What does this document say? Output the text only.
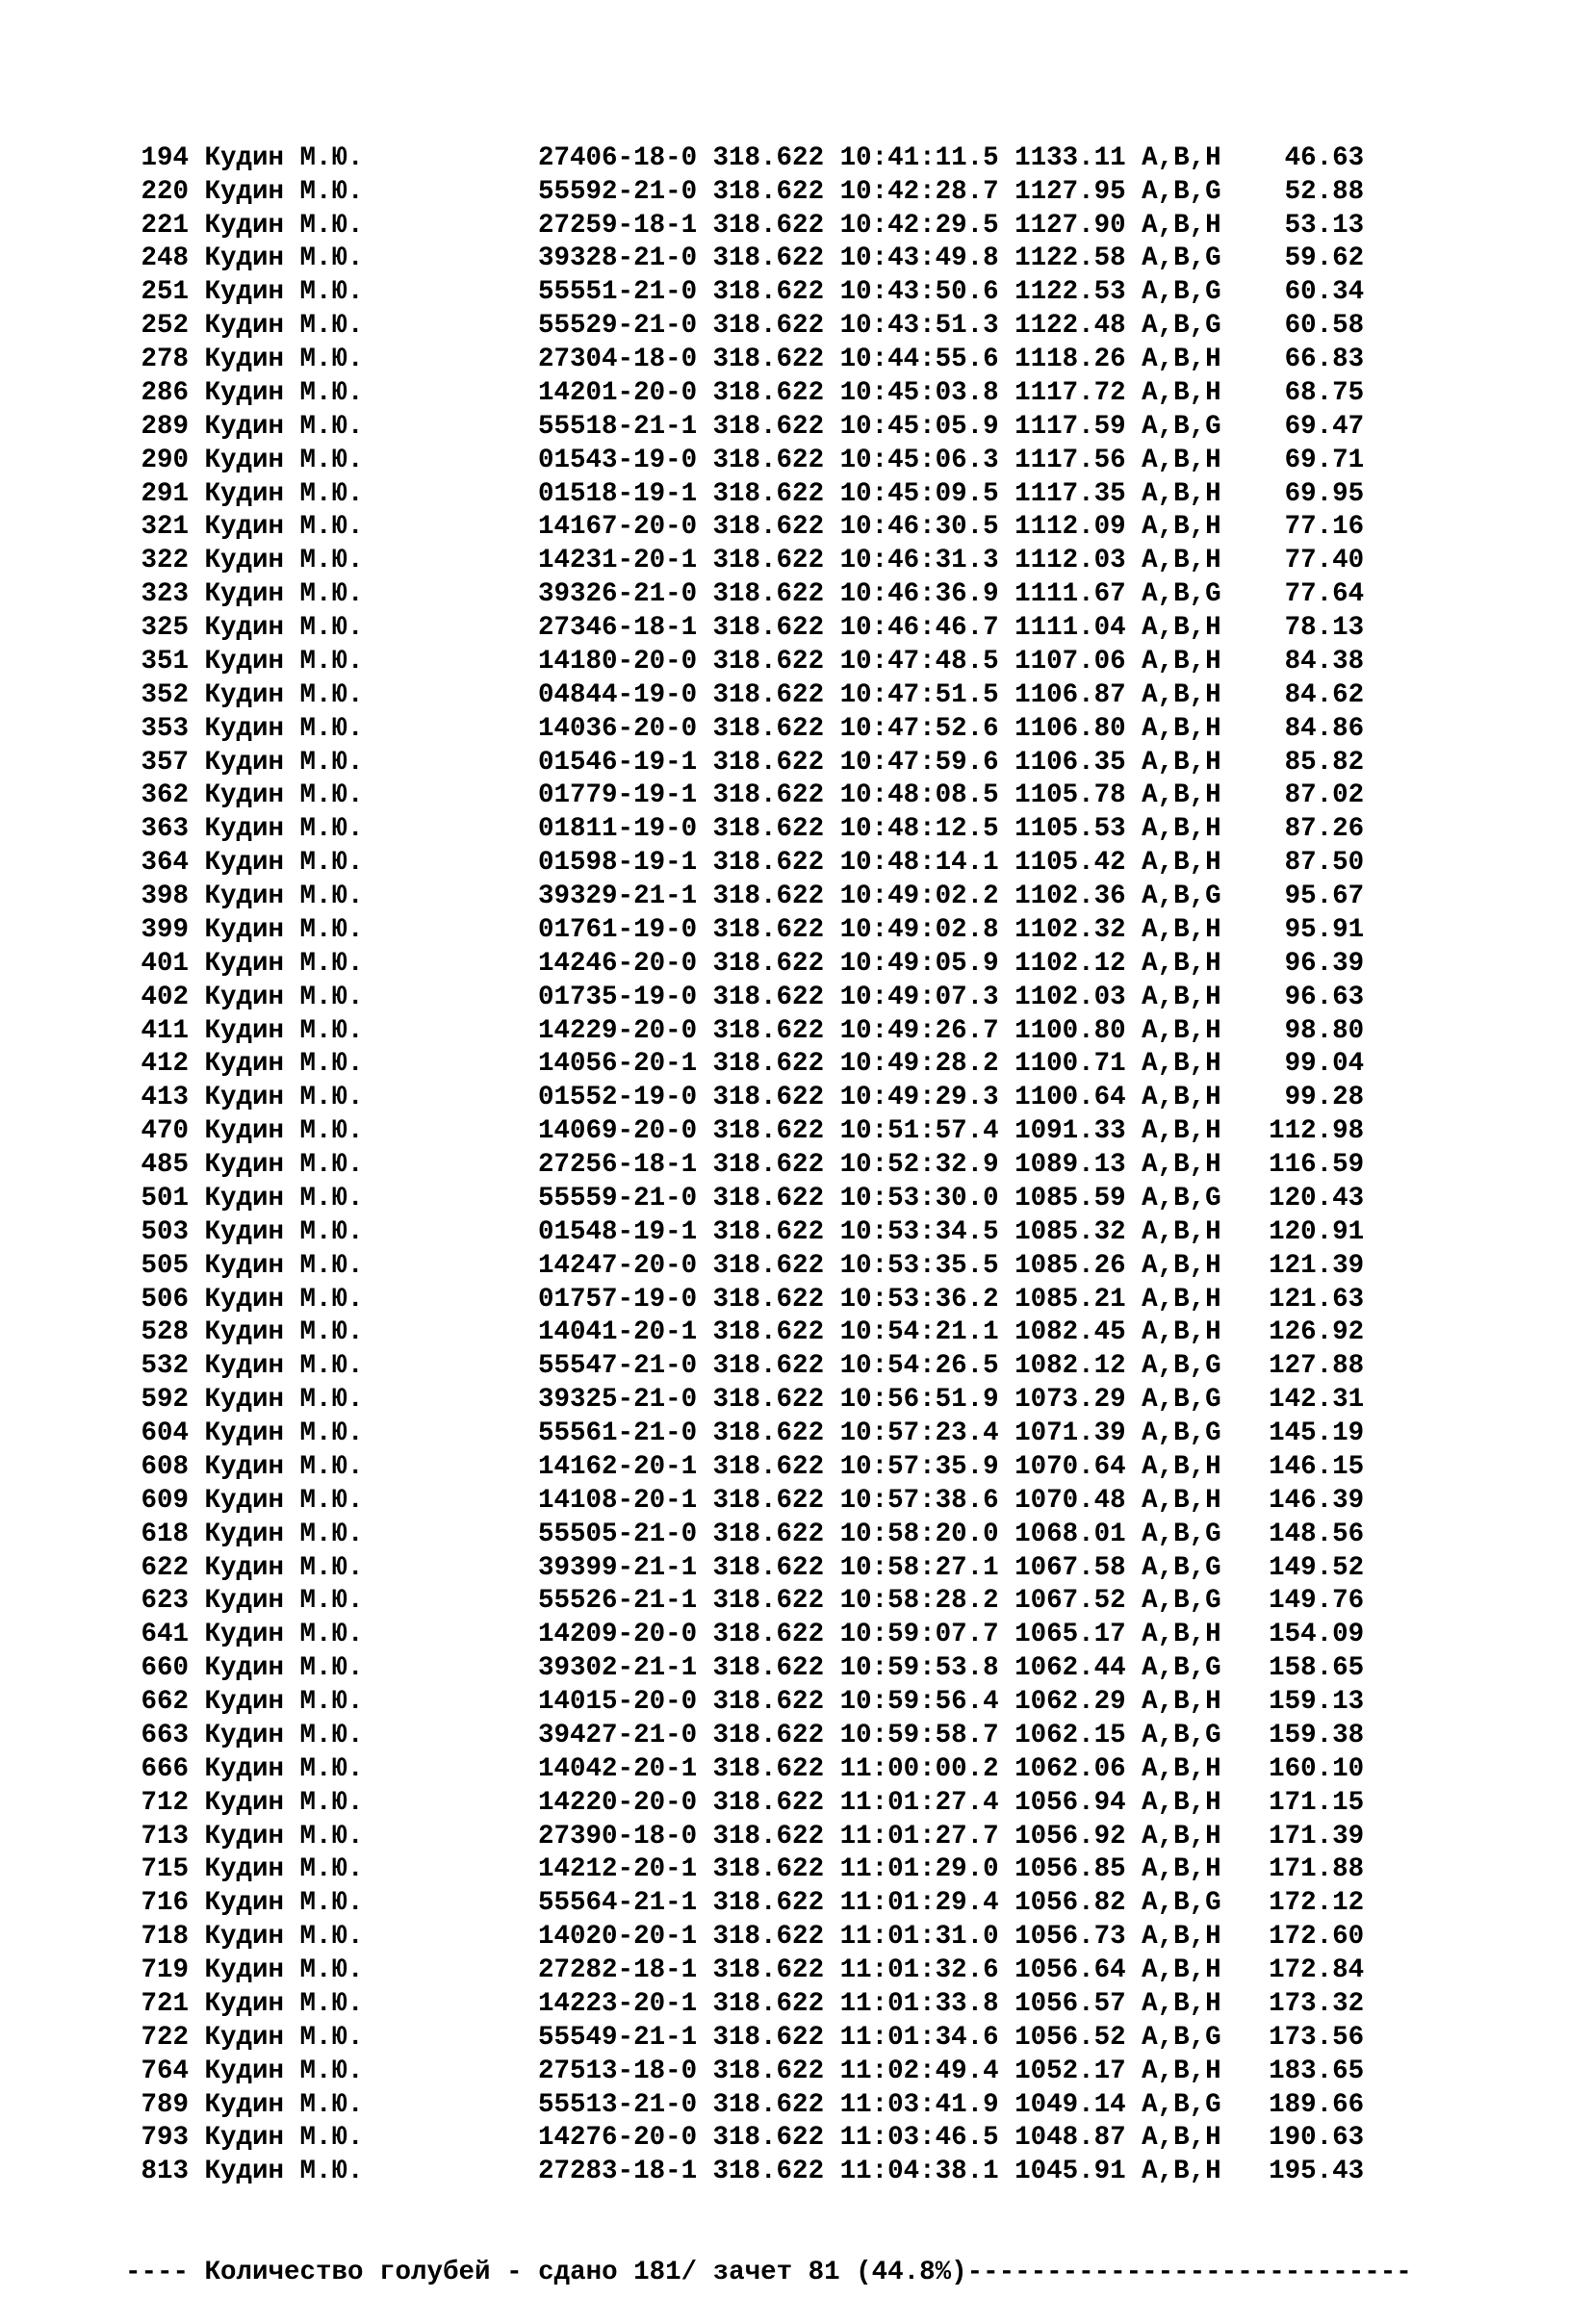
194 Кудин М.Ю.	27406-18-0 318.622 10:41:11.5 1133.11 A,B,H 46.63
220 Кудин М.Ю.	55592-21-0 318.622 10:42:28.7 1127.95 A,B,G 52.88
221 Кудин М.Ю.	27259-18-1 318.622 10:42:29.5 1127.90 A,B,H 53.13
248 Кудин М.Ю.	39328-21-0 318.622 10:43:49.8 1122.58 A,B,G 59.62
251 Кудин М.Ю.	55551-21-0 318.622 10:43:50.6 1122.53 A,B,G 60.34
252 Кудин М.Ю.	55529-21-0 318.622 10:43:51.3 1122.48 A,B,G 60.58
278 Кудин М.Ю.	27304-18-0 318.622 10:44:55.6 1118.26 A,B,H 66.83
286 Кудин М.Ю.	14201-20-0 318.622 10:45:03.8 1117.72 A,B,H 68.75
289 Кудин М.Ю.	55518-21-1 318.622 10:45:05.9 1117.59 A,B,G 69.47
290 Кудин М.Ю.	01543-19-0 318.622 10:45:06.3 1117.56 A,B,H 69.71
291 Кудин М.Ю.	01518-19-1 318.622 10:45:09.5 1117.35 A,B,H 69.95
321 Кудин М.Ю.	14167-20-0 318.622 10:46:30.5 1112.09 A,B,H 77.16
322 Кудин М.Ю.	14231-20-1 318.622 10:46:31.3 1112.03 A,B,H 77.40
323 Кудин М.Ю.	39326-21-0 318.622 10:46:36.9 1111.67 A,B,G 77.64
325 Кудин М.Ю.	27346-18-1 318.622 10:46:46.7 1111.04 A,B,H 78.13
351 Кудин М.Ю.	14180-20-0 318.622 10:47:48.5 1107.06 A,B,H 84.38
352 Кудин М.Ю.	04844-19-0 318.622 10:47:51.5 1106.87 A,B,H 84.62
353 Кудин М.Ю.	14036-20-0 318.622 10:47:52.6 1106.80 A,B,H 84.86
357 Кудин М.Ю.	01546-19-1 318.622 10:47:59.6 1106.35 A,B,H 85.82
362 Кудин М.Ю.	01779-19-1 318.622 10:48:08.5 1105.78 A,B,H 87.02
363 Кудин М.Ю.	01811-19-0 318.622 10:48:12.5 1105.53 A,B,H 87.26
364 Кудин М.Ю.	01598-19-1 318.622 10:48:14.1 1105.42 A,B,H 87.50
398 Кудин М.Ю.	39329-21-1 318.622 10:49:02.2 1102.36 A,B,G 95.67
399 Кудин М.Ю.	01761-19-0 318.622 10:49:02.8 1102.32 A,B,H 95.91
401 Кудин М.Ю.	14246-20-0 318.622 10:49:05.9 1102.12 A,B,H 96.39
402 Кудин М.Ю.	01735-19-0 318.622 10:49:07.3 1102.03 A,B,H 96.63
411 Кудин М.Ю.	14229-20-0 318.622 10:49:26.7 1100.80 A,B,H 98.80
412 Кудин М.Ю.	14056-20-1 318.622 10:49:28.2 1100.71 A,B,H 99.04
413 Кудин М.Ю.	01552-19-0 318.622 10:49:29.3 1100.64 A,B,H 99.28
470 Кудин М.Ю.	14069-20-0 318.622 10:51:57.4 1091.33 A,B,H 112.98
485 Кудин М.Ю.	27256-18-1 318.622 10:52:32.9 1089.13 A,B,H 116.59
501 Кудин М.Ю.	55559-21-0 318.622 10:53:30.0 1085.59 A,B,G 120.43
503 Кудин М.Ю.	01548-19-1 318.622 10:53:34.5 1085.32 A,B,H 120.91
505 Кудин М.Ю.	14247-20-0 318.622 10:53:35.5 1085.26 A,B,H 121.39
506 Кудин М.Ю.	01757-19-0 318.622 10:53:36.2 1085.21 A,B,H 121.63
528 Кудин М.Ю.	14041-20-1 318.622 10:54:21.1 1082.45 A,B,H 126.92
532 Кудин М.Ю.	55547-21-0 318.622 10:54:26.5 1082.12 A,B,G 127.88
592 Кудин М.Ю.	39325-21-0 318.622 10:56:51.9 1073.29 A,B,G 142.31
604 Кудин М.Ю.	55561-21-0 318.622 10:57:23.4 1071.39 A,B,G 145.19
608 Кудин М.Ю.	14162-20-1 318.622 10:57:35.9 1070.64 A,B,H 146.15
609 Кудин М.Ю.	14108-20-1 318.622 10:57:38.6 1070.48 A,B,H 146.39
618 Кудин М.Ю.	55505-21-0 318.622 10:58:20.0 1068.01 A,B,G 148.56
622 Кудин М.Ю.	39399-21-1 318.622 10:58:27.1 1067.58 A,B,G 149.52
623 Кудин М.Ю.	55526-21-1 318.622 10:58:28.2 1067.52 A,B,G 149.76
641 Кудин М.Ю.	14209-20-0 318.622 10:59:07.7 1065.17 A,B,H 154.09
660 Кудин М.Ю.	39302-21-1 318.622 10:59:53.8 1062.44 A,B,G 158.65
662 Кудин М.Ю.	14015-20-0 318.622 10:59:56.4 1062.29 A,B,H 159.13
663 Кудин М.Ю.	39427-21-0 318.622 10:59:58.7 1062.15 A,B,G 159.38
666 Кудин М.Ю.	14042-20-1 318.622 11:00:00.2 1062.06 A,B,H 160.10
712 Кудин М.Ю.	14220-20-0 318.622 11:01:27.4 1056.94 A,B,H 171.15
713 Кудин М.Ю.	27390-18-0 318.622 11:01:27.7 1056.92 A,B,H 171.39
715 Кудин М.Ю.	14212-20-1 318.622 11:01:29.0 1056.85 A,B,H 171.88
716 Кудин М.Ю.	55564-21-1 318.622 11:01:29.4 1056.82 A,B,G 172.12
718 Кудин М.Ю.	14020-20-1 318.622 11:01:31.0 1056.73 A,B,H 172.60
719 Кудин М.Ю.	27282-18-1 318.622 11:01:32.6 1056.64 A,B,H 172.84
721 Кудин М.Ю.	14223-20-1 318.622 11:01:33.8 1056.57 A,B,H 173.32
722 Кудин М.Ю.	55549-21-1 318.622 11:01:34.6 1056.52 A,B,G 173.56
764 Кудин М.Ю.	27513-18-0 318.622 11:02:49.4 1052.17 A,B,H 183.65
789 Кудин М.Ю.	55513-21-0 318.622 11:03:41.9 1049.14 A,B,G 189.66
793 Кудин М.Ю.	14276-20-0 318.622 11:03:46.5 1048.87 A,B,H 190.63
813 Кудин М.Ю.	27283-18-1 318.622 11:04:38.1 1045.91 A,B,H 195.43

---- Количество голубей - сдано 181/ зачет 81 (44.8%)----------------------------
